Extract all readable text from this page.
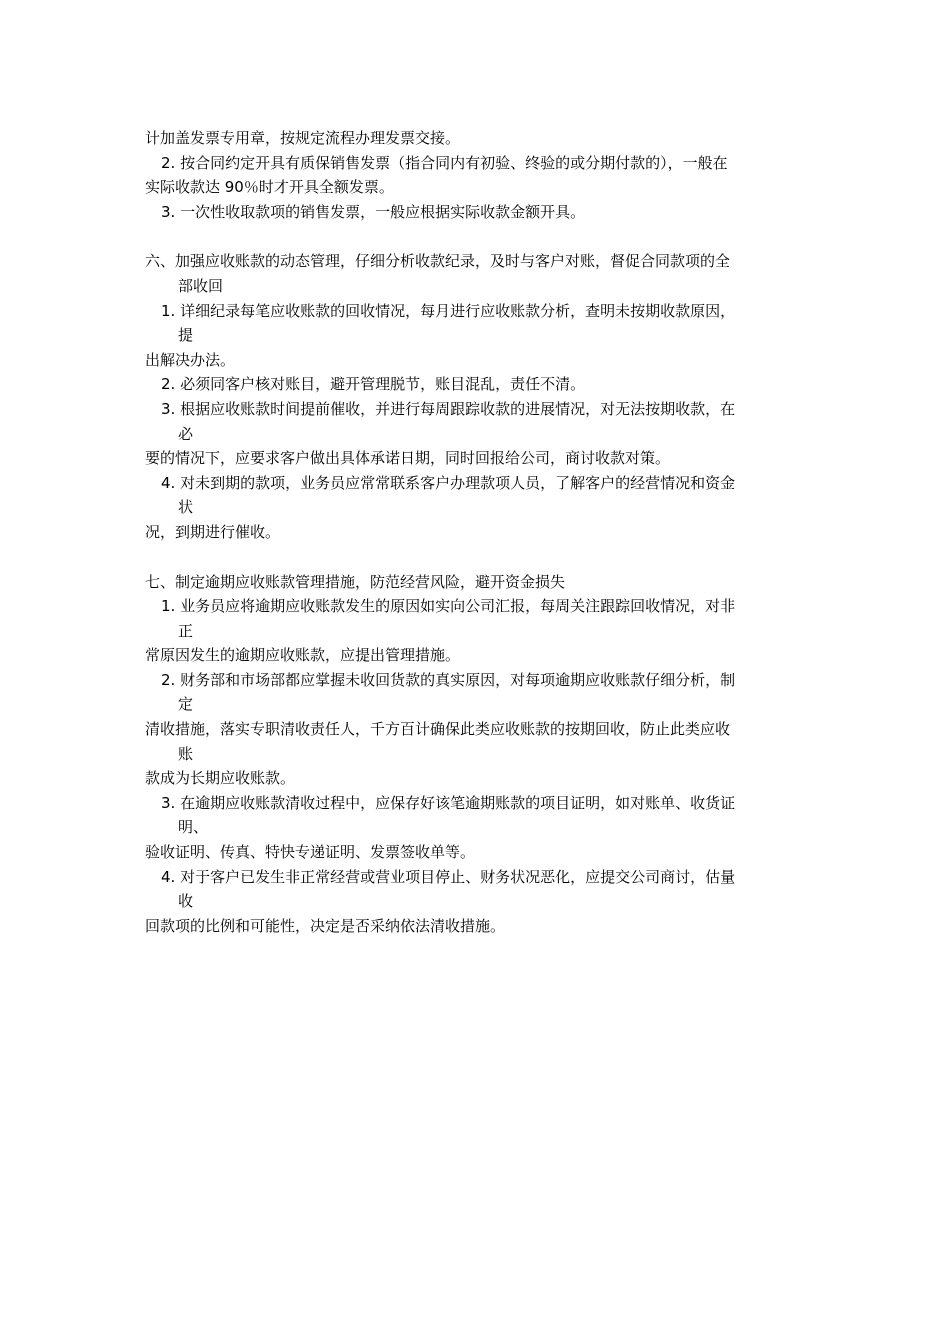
计加盖发票专用章，按规定流程办理发票交接。
2. 按合同约定开具有质保销售发票（指合同内有初验、终验的或分期付款的），一般在
实际收款达 90％时才开具全额发票。
3. 一次性收取款项的销售发票，一般应根据实际收款金额开具。
六、加强应收账款的动态管理，仔细分析收款纪录，及时与客户对账，督促合同款项的全
部收回
1. 详细纪录每笔应收账款的回收情况，每月进行应收账款分析，查明未按期收款原因，
提
出解决办法。
2. 必须同客户核对账目，避开管理脱节，账目混乱，责任不清。
3. 根据应收账款时间提前催收，并进行每周跟踪收款的进展情况，对无法按期收款，在
必
要的情况下，应要求客户做出具体承诺日期，同时回报给公司，商讨收款对策。
4. 对未到期的款项，业务员应常常联系客户办理款项人员，了解客户的经营情况和资金
状
况，到期进行催收。
七、制定逾期应收账款管理措施，防范经营风险，避开资金损失
1. 业务员应将逾期应收账款发生的原因如实向公司汇报，每周关注跟踪回收情况，对非
正
常原因发生的逾期应收账款，应提出管理措施。
2. 财务部和市场部都应掌握未收回货款的真实原因，对每项逾期应收账款仔细分析，制
定
清收措施，落实专职清收责任人，千方百计确保此类应收账款的按期回收，防止此类应收
账
款成为长期应收账款。
3. 在逾期应收账款清收过程中，应保存好该笔逾期账款的项目证明，如对账单、收货证
明、
验收证明、传真、特快专递证明、发票签收单等。
4. 对于客户已发生非正常经营或营业项目停止、财务状况恶化，应提交公司商讨，估量
收
回款项的比例和可能性，决定是否采纳依法清收措施。
